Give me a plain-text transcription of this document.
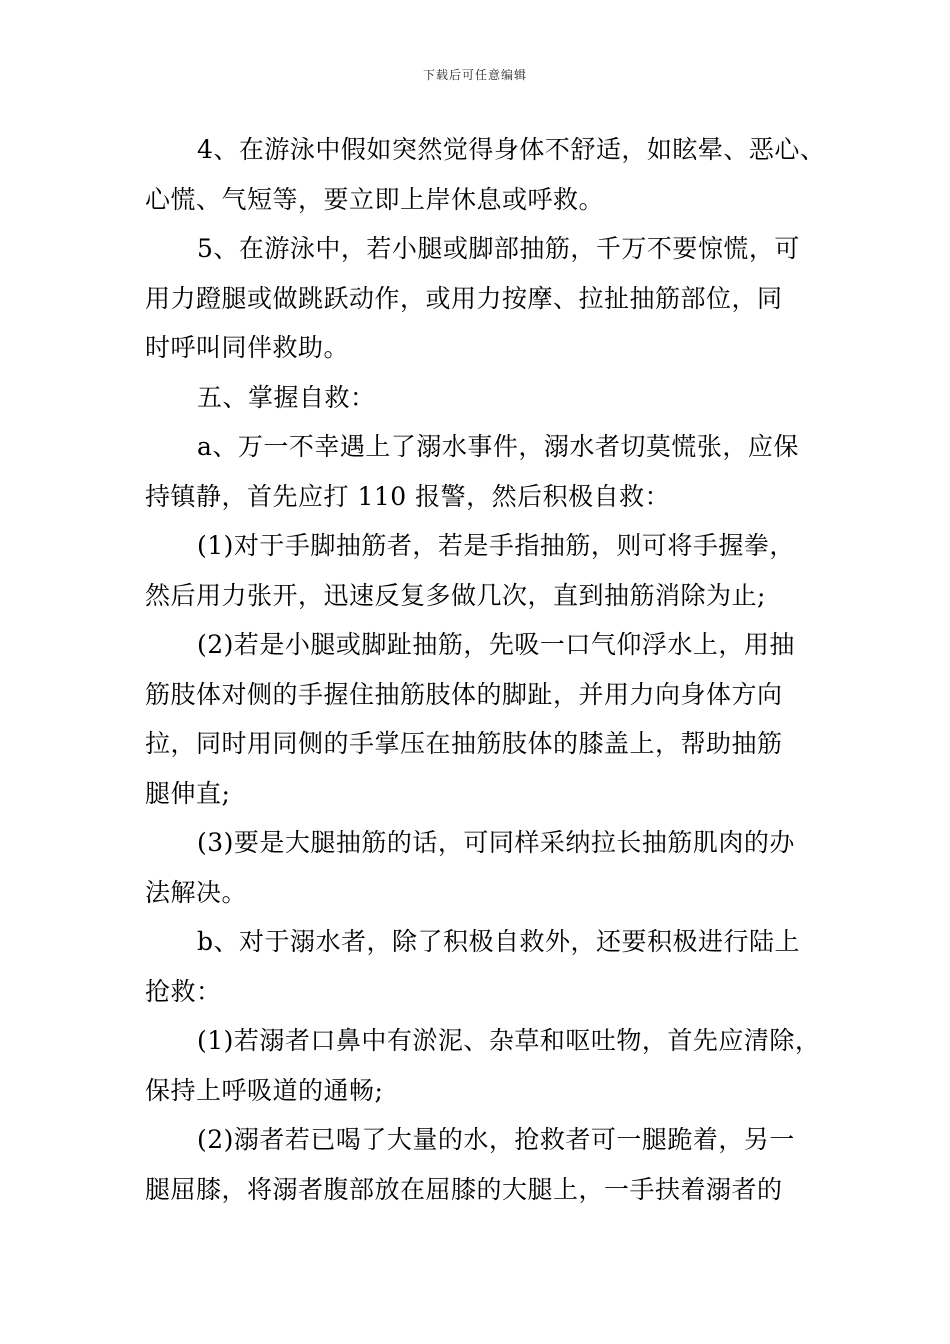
下载后可任意编辑
4、在游泳中假如突然觉得身体不舒适，如眩晕、恶心、
心慌、气短等，要立即上岸休息或呼救。
5、在游泳中，若小腿或脚部抽筋，千万不要惊慌，可
用力蹬腿或做跳跃动作，或用力按摩、拉扯抽筋部位，同
时呼叫同伴救助。
五、掌握自救：
a、万一不幸遇上了溺水事件，溺水者切莫慌张，应保
持镇静，首先应打 110 报警，然后积极自救：
(1)对于手脚抽筋者，若是手指抽筋，则可将手握拳，
然后用力张开，迅速反复多做几次，直到抽筋消除为止;
(2)若是小腿或脚趾抽筋，先吸一口气仰浮水上，用抽
筋肢体对侧的手握住抽筋肢体的脚趾，并用力向身体方向
拉，同时用同侧的手掌压在抽筋肢体的膝盖上，帮助抽筋
腿伸直;
(3)要是大腿抽筋的话，可同样采纳拉长抽筋肌肉的办
法解决。
b、对于溺水者，除了积极自救外，还要积极进行陆上
抢救：
(1)若溺者口鼻中有淤泥、杂草和呕吐物，首先应清除，
保持上呼吸道的通畅;
(2)溺者若已喝了大量的水，抢救者可一腿跪着，另一
腿屈膝，将溺者腹部放在屈膝的大腿上，一手扶着溺者的
